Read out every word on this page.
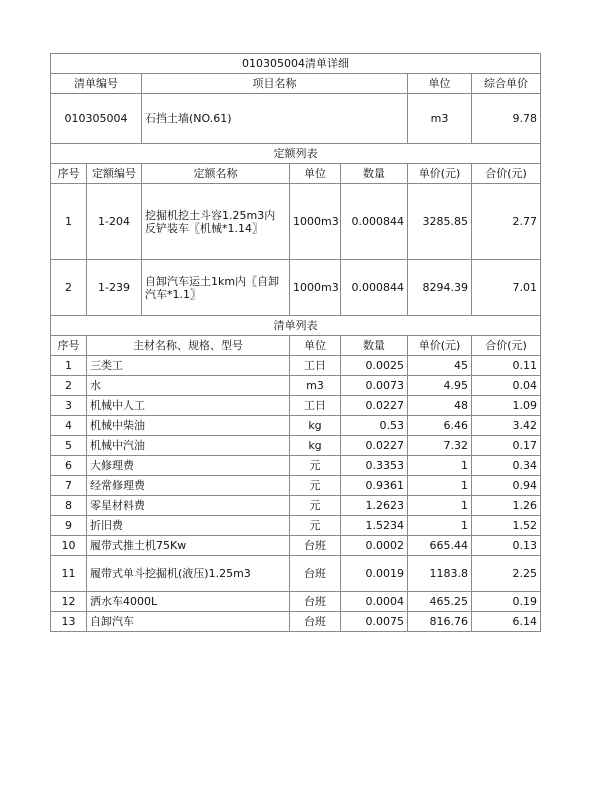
010305004清单详细						
清单编号		项目名称			单位	综合单价
010305004		石挡土墙(NO.61)			m3	9.78
定额列表						
序号	定额编号	定额名称	单位	数量	单价(元)	合价(元)
1	1-204	挖掘机挖土斗容1.25m3内反铲装车〖机械*1.14〗	1000m3	0.000844	3285.85	2.77
2	1-239	自卸汽车运土1km内〖自卸汽车*1.1〗	1000m3	0.000844	8294.39	7.01
清单列表						
序号	主材名称、规格、型号		单位	数量	单价(元)	合价(元)
1	三类工		工日	0.0025	45	0.11
2	水		m3	0.0073	4.95	0.04
3	机械中人工		工日	0.0227	48	1.09
4	机械中柴油		kg	0.53	6.46	3.42
5	机械中汽油		kg	0.0227	7.32	0.17
6	大修理费		元	0.3353	1	0.34
7	经常修理费		元	0.9361	1	0.94
8	零星材料费		元	1.2623	1	1.26
9	折旧费		元	1.5234	1	1.52
10	履带式推土机75Kw		台班	0.0002	665.44	0.13
11	履带式单斗挖掘机(液压)1.25m3		台班	0.0019	1183.8	2.25
12	洒水车4000L		台班	0.0004	465.25	0.19
13	自卸汽车		台班	0.0075	816.76	6.14
